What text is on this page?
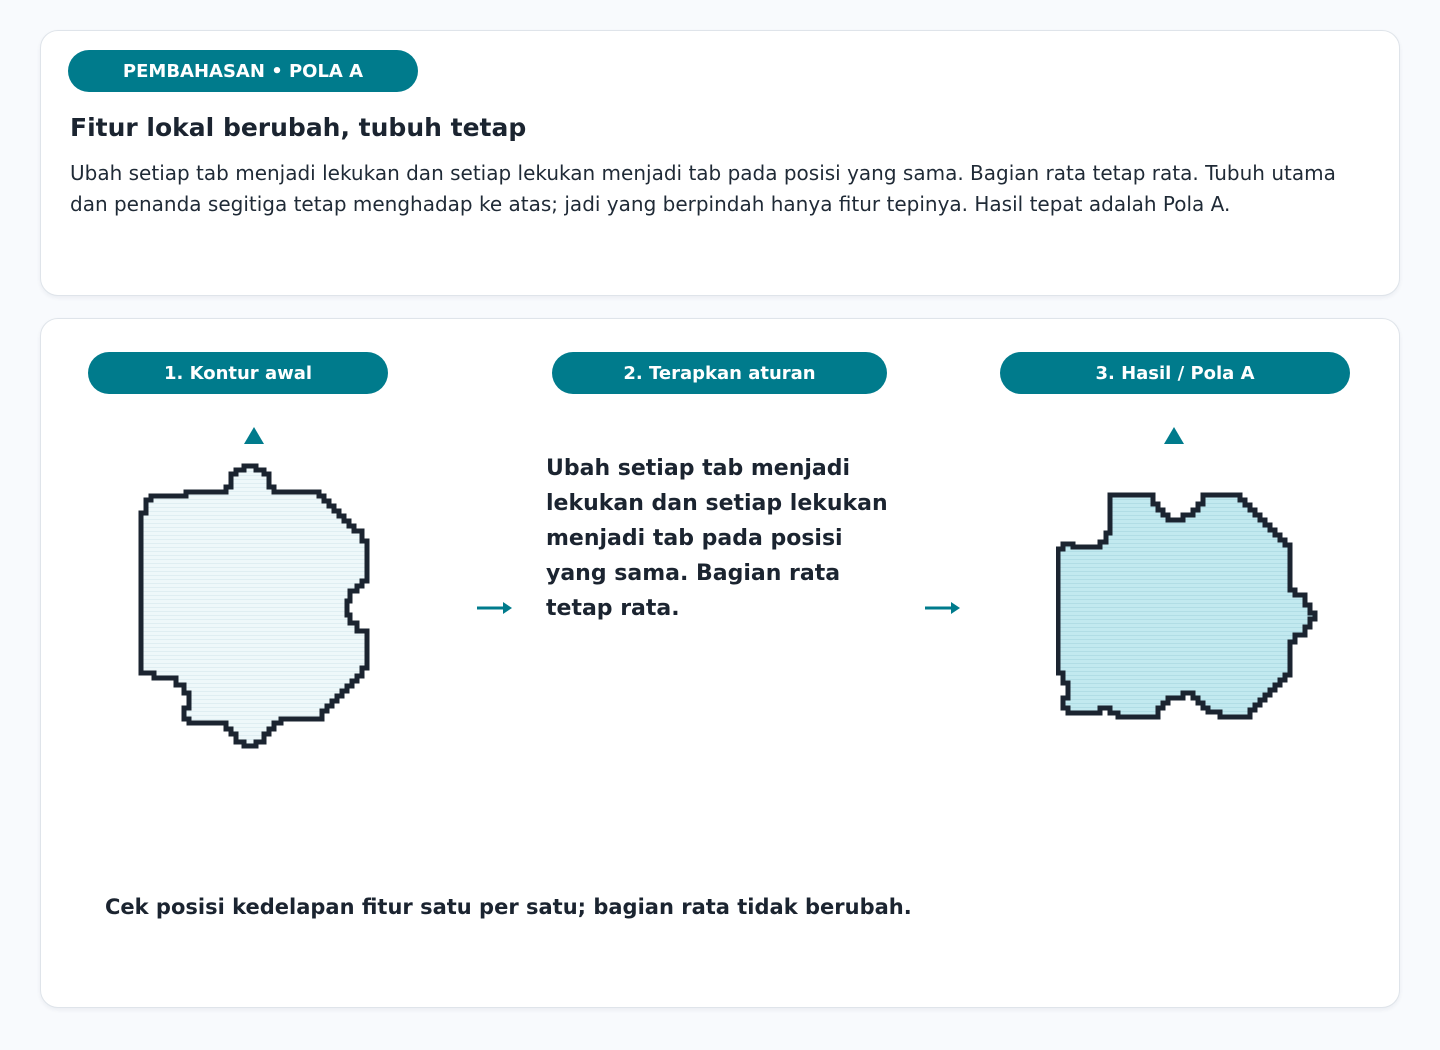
PEMBAHASAN • POLA A
Fitur lokal berubah, tubuh tetap

Ubah setiap tab menjadi lekukan dan setiap lekukan menjadi tab pada posisi yang sama. Bagian rata tetap rata. Tubuh utama dan penanda segitiga tetap menghadap ke atas; jadi yang berpindah hanya fitur tepinya. Hasil tepat adalah Pola A.

1. Kontur awal	2. Terapkan aturan	3. Hasil / Pola A

Ubah setiap tab menjadi lekukan dan setiap lekukan menjadi tab pada posisi yang sama. Bagian rata tetap rata.

Cek posisi kedelapan fitur satu per satu; bagian rata tidak berubah.
